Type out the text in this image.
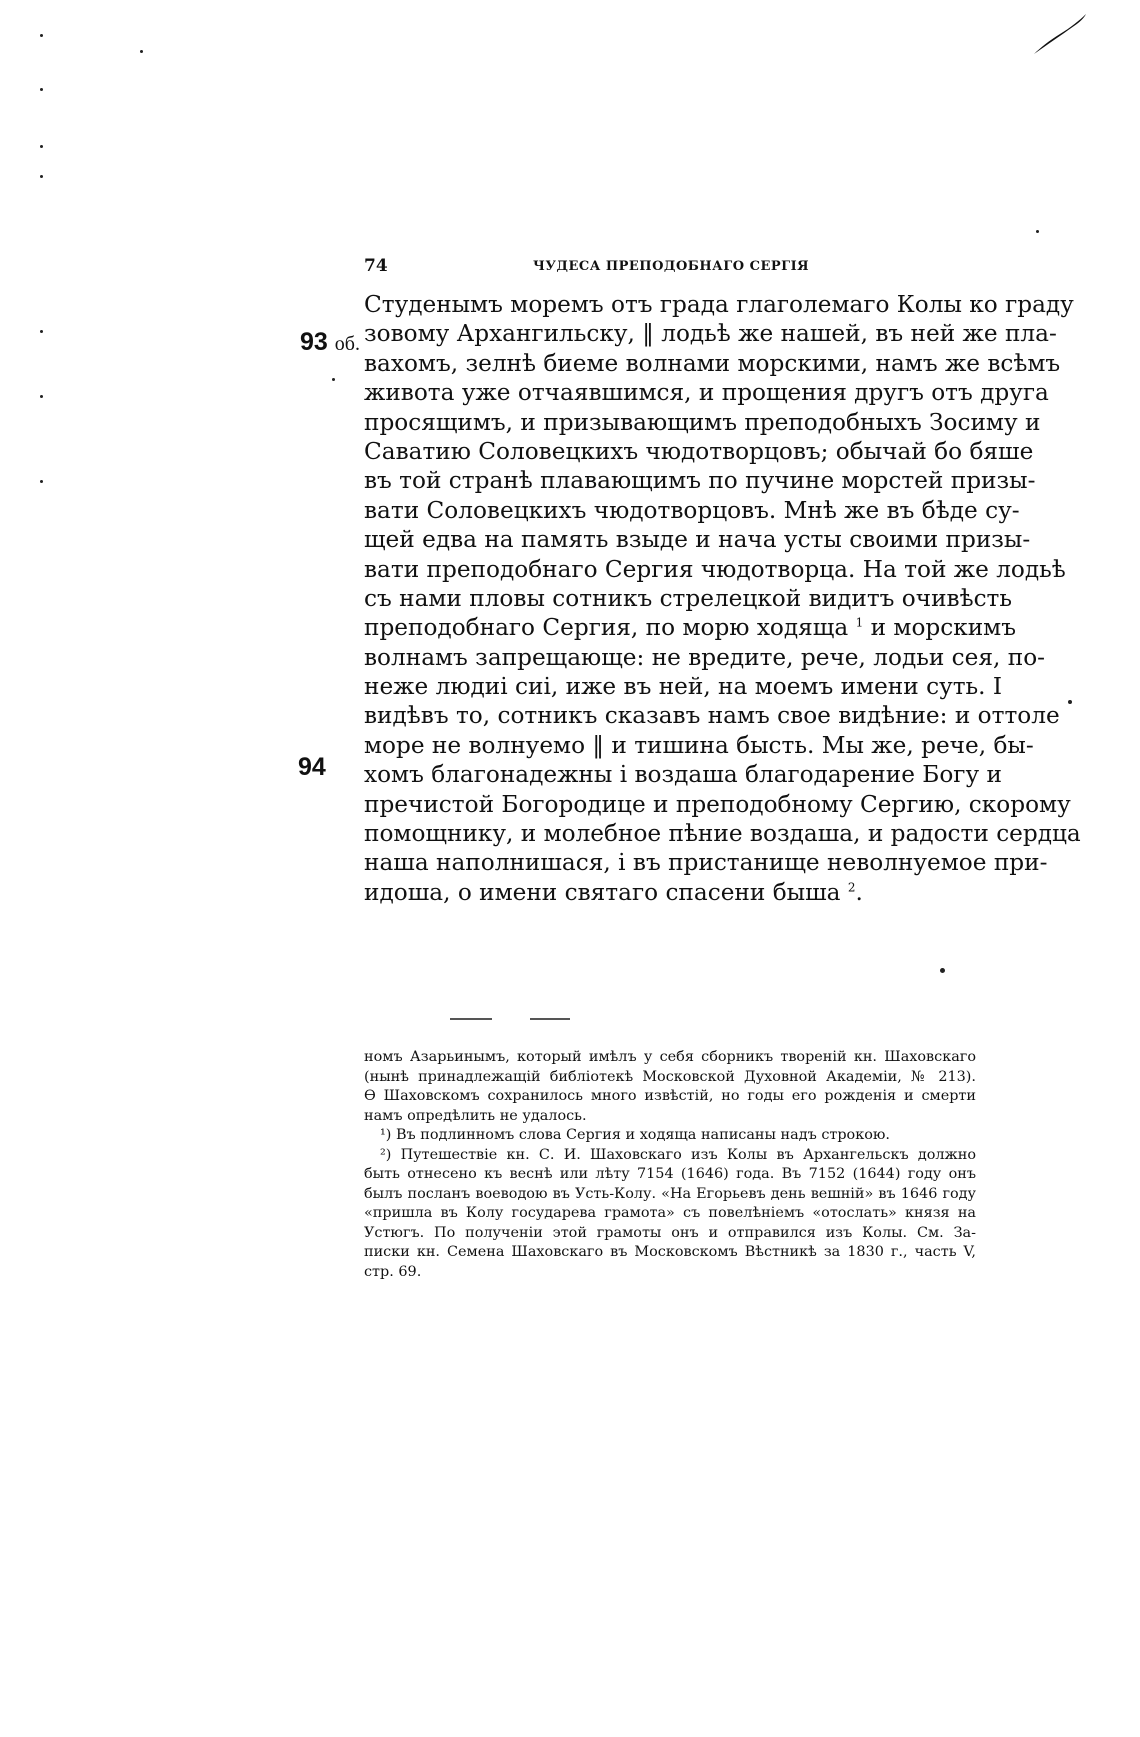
74	ЧУДЕСА ПРЕПОДОБНАГО СЕРГІЯ
93 об.
94
Студенымъ моремъ отъ града глаголемаго Колы ко граду
зовому Архангильску, ‖ лодьѣ же нашей, въ ней же пла-
вахомъ, зелнѣ биеме волнами морскими, намъ же всѣмъ
живота уже отчаявшимся, и прощения другъ отъ друга
просящимъ, и призывающимъ преподобныхъ Зосиму и
Саватию Соловецкихъ чюдотворцовъ; обычай бо бяше
въ той странѣ плавающимъ по пучине морстей призы-
вати Соловецкихъ чюдотворцовъ. Мнѣ же въ бѣде су-
щей едва на память взыде и нача усты своими призы-
вати преподобнаго Сергия чюдотворца. На той же лодьѣ
съ нами пловы сотникъ стрелецкой видитъ очивѣсть
преподобнаго Сергия, по морю ходяща $^1$ и морскимъ
волнамъ запрещающе: не вредите, рече, лодьи сея, по-
неже людиі сиі, иже въ ней, на моемъ имени суть. І
видѣвъ то, сотникъ сказавъ намъ свое видѣние: и оттоле
море не волнуемо ‖ и тишина бысть. Мы же, рече, бы-
хомъ благонадежны і воздаша благодарение Богу и
пречистой Богородице и преподобному Сергию, скорому
помощнику, и молебное пѣние воздаша, и радости сердца
наша наполнишася, і въ пристанище неволнуемое при-
идоша, о имени святаго спасени быша $^2$.
номъ Азарьинымъ, который имѣлъ у себя сборникъ твореній кн. Шаховскаго
(нынѣ принадлежащій библіотекѣ Московской Духовной Академіи, № 213).
Ѳ Шаховскомъ сохранилось много извѣстій, но годы его рожденія и смерти
намъ опредѣлить не удалось.
¹) Въ подлинномъ слова Сергия и ходяща написаны надъ строкою.
²) Путешествіе кн. С. И. Шаховскаго изъ Колы въ Архангельскъ должно
быть отнесено къ веснѣ или лѣту 7154 (1646) года. Въ 7152 (1644) году онъ
былъ посланъ воеводою въ Усть-Колу. «На Егорьевъ день вешній» въ 1646 году
«пришла въ Колу государева грамота» съ повелѣніемъ «отослать» князя на
Устюгъ. По полученіи этой грамоты онъ и отправился изъ Колы. См. За-
писки кн. Семена Шаховскаго въ Московскомъ Вѣстникѣ за 1830 г., часть V,
стр. 69.
